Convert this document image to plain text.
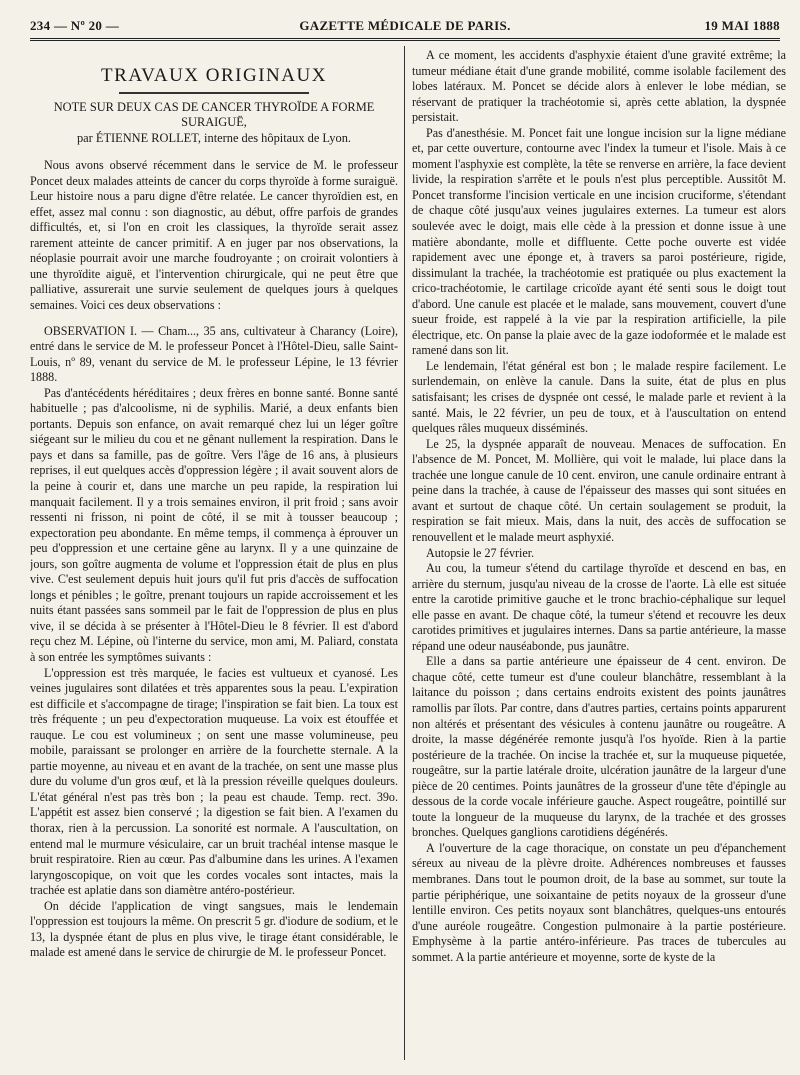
234 — Nº 20 —	GAZETTE MÉDICALE DE PARIS.	19 MAI 1888
TRAVAUX ORIGINAUX
NOTE SUR DEUX CAS DE CANCER THYROÏDE A FORME SURAIGUË,
par ÉTIENNE ROLLET, interne des hôpitaux de Lyon.

Nous avons observé récemment dans le service de M. le professeur Poncet deux malades atteints de cancer du corps thyroïde à forme suraiguë. Leur histoire nous a paru digne d'être relatée. Le cancer thyroïdien est, en effet, assez mal connu : son diagnostic, au début, offre parfois de grandes difficultés, et, si l'on en croit les classiques, la thyroïde serait assez rarement atteinte de cancer primitif. A en juger par nos observations, la néoplasie pourrait avoir une marche foudroyante ; on croirait volontiers à une thyroïdite aiguë, et l'intervention chirurgicale, qui ne peut être que palliative, assurerait une survie seulement de quelques jours à quelques semaines. Voici ces deux observations :

OBSERVATION I. — Cham..., 35 ans, cultivateur à Charancy (Loire), entré dans le service de M. le professeur Poncet à l'Hôtel-Dieu, salle Saint-Louis, nº 89, venant du service de M. le professeur Lépine, le 13 février 1888.

Pas d'antécédents héréditaires ; deux frères en bonne santé. Bonne santé habituelle ; pas d'alcoolisme, ni de syphilis. Marié, a deux enfants bien portants. Depuis son enfance, on avait remarqué chez lui un léger goître siégeant sur le milieu du cou et ne gênant nullement la respiration. Dans le pays et dans sa famille, pas de goître. Vers l'âge de 16 ans, à plusieurs reprises, il eut quelques accès d'oppression légère ; il avait souvent alors de la peine à courir et, dans une marche un peu rapide, la respiration lui manquait facilement. Il y a trois semaines environ, il prit froid ; sans avoir ressenti ni frisson, ni point de côté, il se mit à tousser beaucoup ; expectoration peu abondante. En même temps, il commença à éprouver un peu d'oppression et une certaine gêne au larynx. Il y a une quinzaine de jours, son goître augmenta de volume et l'oppression était de plus en plus vive. C'est seulement depuis huit jours qu'il fut pris d'accès de suffocation longs et pénibles ; le goître, prenant toujours un rapide accroissement et les nuits étant passées sans sommeil par le fait de l'oppression de plus en plus vive, il se décida à se présenter à l'Hôtel-Dieu le 8 février. Il est d'abord reçu chez M. Lépine, où l'interne du service, mon ami, M. Paliard, constata à son entrée les symptômes suivants :

L'oppression est très marquée, le facies est vultueux et cyanosé. Les veines jugulaires sont dilatées et très apparentes sous la peau. L'expiration est difficile et s'accompagne de tirage; l'inspiration se fait bien. La toux est très fréquente ; un peu d'expectoration muqueuse. La voix est étouffée et rauque. Le cou est volumineux ; on sent une masse volumineuse, peu mobile, paraissant se prolonger en arrière de la fourchette sternale. A la partie moyenne, au niveau et en avant de la trachée, on sent une masse plus dure du volume d'un gros œuf, et là la pression réveille quelques douleurs. L'état général n'est pas très bon ; la peau est chaude. Temp. rect. 39o. L'appétit est assez bien conservé ; la digestion se fait bien. A l'examen du thorax, rien à la percussion. La sonorité est normale. A l'auscultation, on entend mal le murmure vésiculaire, car un bruit trachéal intense masque le bruit respiratoire. Rien au cœur. Pas d'albumine dans les urines. A l'examen laryngoscopique, on voit que les cordes vocales sont intactes, mais la trachée est aplatie dans son diamètre antéro-postérieur.

On décide l'application de vingt sangsues, mais le lendemain l'oppression est toujours la même. On prescrit 5 gr. d'iodure de sodium, et le 13, la dyspnée étant de plus en plus vive, le tirage étant considérable, le malade est amené dans le service de chirurgie de M. le professeur Poncet.

A ce moment, les accidents d'asphyxie étaient d'une gravité extrême; la tumeur médiane était d'une grande mobilité, comme isolable facilement des lobes latéraux. M. Poncet se décide alors à enlever le lobe médian, se réservant de pratiquer la trachéotomie si, après cette ablation, la dyspnée persistait.

Pas d'anesthésie. M. Poncet fait une longue incision sur la ligne médiane et, par cette ouverture, contourne avec l'index la tumeur et l'isole. Mais à ce moment l'asphyxie est complète, la tête se renverse en arrière, la face devient livide, la respiration s'arrête et le pouls n'est plus perceptible. Aussitôt M. Poncet transforme l'incision verticale en une incision cruciforme, s'étendant de chaque côté jusqu'aux veines jugulaires externes. La tumeur est alors soulevée avec le doigt, mais elle cède à la pression et donne issue à une matière abondante, molle et diffluente. Cette poche ouverte est vidée rapidement avec une éponge et, à travers sa paroi postérieure, rigide, dissimulant la trachée, la trachéotomie est pratiquée ou plus exactement la crico-trachéotomie, le cartilage cricoïde ayant été senti sous le doigt tout d'abord. Une canule est placée et le malade, sans mouvement, couvert d'une sueur froide, est rappelé à la vie par la respiration artificielle, la pile électrique, etc. On panse la plaie avec de la gaze iodoformée et le malade est ramené dans son lit.

Le lendemain, l'état général est bon ; le malade respire facilement. Le surlendemain, on enlève la canule. Dans la suite, état de plus en plus satisfaisant; les crises de dyspnée ont cessé, le malade parle et revient à la santé. Mais, le 22 février, un peu de toux, et à l'auscultation on entend quelques râles muqueux disséminés.

Le 25, la dyspnée apparaît de nouveau. Menaces de suffocation. En l'absence de M. Poncet, M. Mollière, qui voit le malade, lui place dans la trachée une longue canule de 10 cent. environ, une canule ordinaire entrant à peine dans la trachée, à cause de l'épaisseur des masses qui sont situées en avant et surtout de chaque côté. Un certain soulagement se produit, la respiration se fait mieux. Mais, dans la nuit, des accès de suffocation se renouvellent et le malade meurt asphyxié.

Autopsie le 27 février.

Au cou, la tumeur s'étend du cartilage thyroïde et descend en bas, en arrière du sternum, jusqu'au niveau de la crosse de l'aorte. Là elle est située entre la carotide primitive gauche et le tronc brachio-céphalique sur lequel elle passe en avant. De chaque côté, la tumeur s'étend et recouvre les deux carotides primitives et jugulaires internes. Dans sa partie antérieure, la masse répand une odeur nauséabonde, pus jaunâtre.

Elle a dans sa partie antérieure une épaisseur de 4 cent. environ. De chaque côté, cette tumeur est d'une couleur blanchâtre, ressemblant à la laitance du poisson ; dans certains endroits existent des points jaunâtres ramollis par îlots. Par contre, dans d'autres parties, certains points apparurent non altérés et présentant des vésicules à contenu jaunâtre ou rougeâtre. A droite, la masse dégénérée remonte jusqu'à l'os hyoïde. Rien à la partie postérieure de la trachée. On incise la trachée et, sur la muqueuse piquetée, rougeâtre, sur la partie latérale droite, ulcération jaunâtre de la largeur d'une pièce de 20 centimes. Points jaunâtres de la grosseur d'une tête d'épingle au dessous de la corde vocale inférieure gauche. Aspect rougeâtre, pointillé sur toute la longueur de la muqueuse du larynx, de la trachée et des grosses bronches. Quelques ganglions carotidiens dégénérés.

A l'ouverture de la cage thoracique, on constate un peu d'épanchement séreux au niveau de la plèvre droite. Adhérences nombreuses et fausses membranes. Dans tout le poumon droit, de la base au sommet, sur toute la partie périphérique, une soixantaine de petits noyaux de la grosseur d'une lentille environ. Ces petits noyaux sont blanchâtres, quelques-uns entourés d'une auréole rougeâtre. Congestion pulmonaire à la partie postérieure. Emphysème à la partie antéro-inférieure. Pas traces de tubercules au sommet. A la partie antérieure et moyenne, sorte de kyste de la
